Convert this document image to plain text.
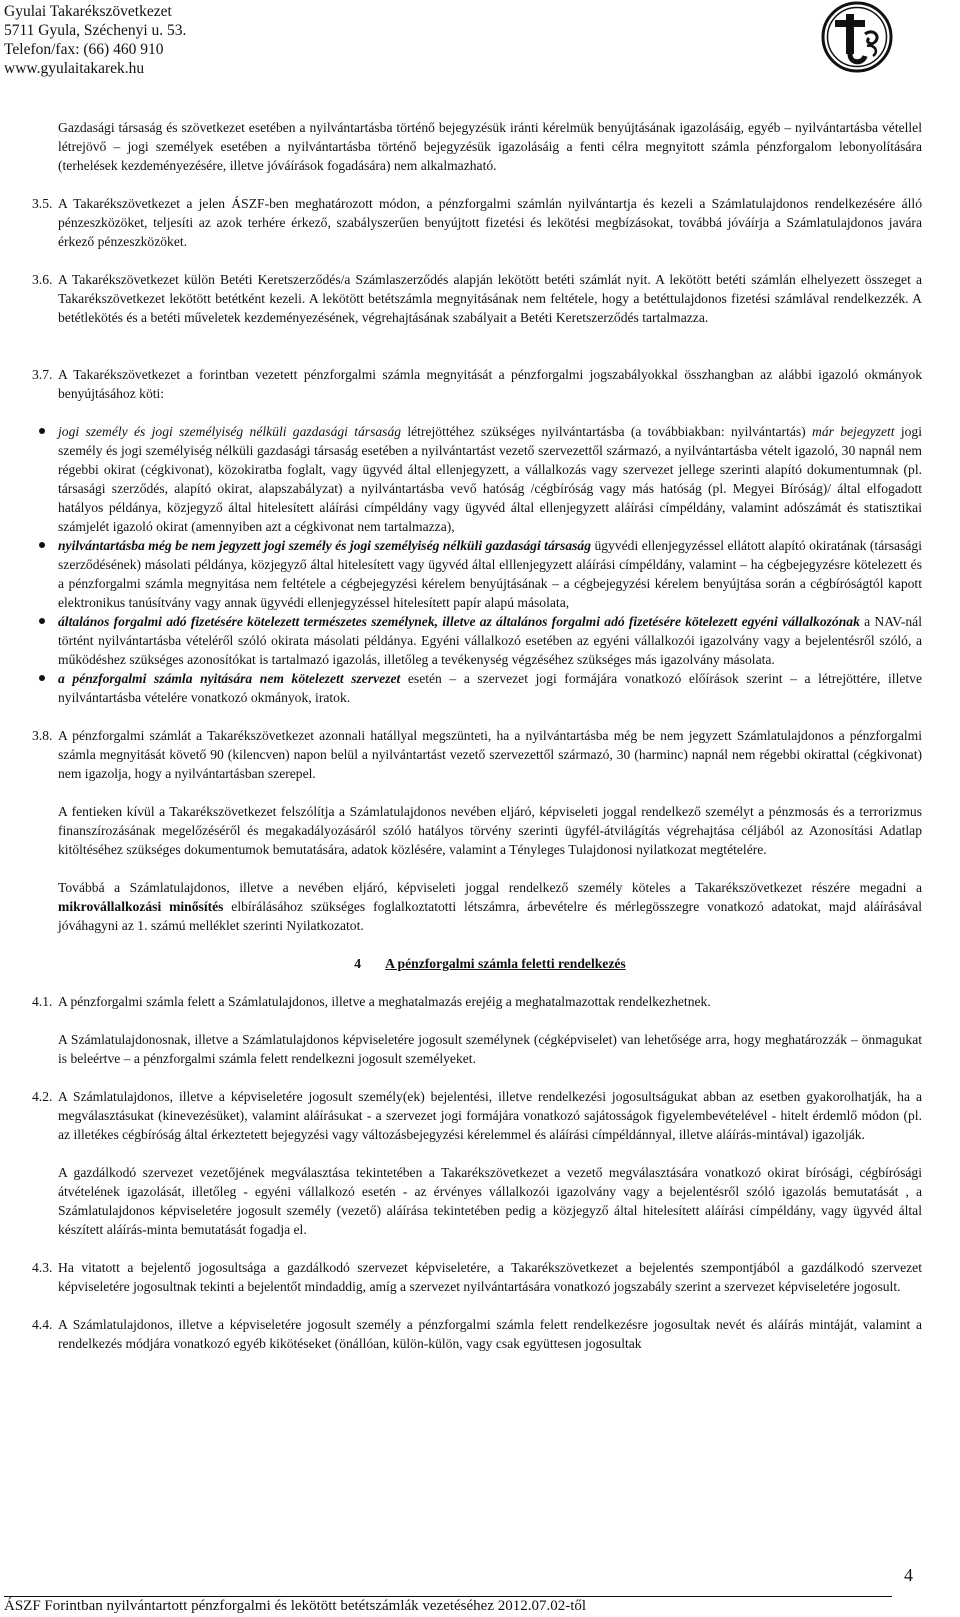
Gyulai Takarékszövetkezet
5711 Gyula, Széchenyi u. 53.
Telefon/fax: (66) 460 910
www.gyulaitakarek.hu

Gazdasági társaság és szövetkezet esetében a nyilvántartásba történő bejegyzésük iránti kérelmük benyújtásának igazolásáig, egyéb – nyilvántartásba vétellel létrejövő – jogi személyek esetében a nyilvántartásba történő bejegyzésük igazolásáig a fenti célra megnyitott számla pénzforgalom lebonyolítására (terhelések kezdeményezésére, illetve jóváírások fogadására) nem alkalmazható.

3.5. A Takarékszövetkezet a jelen ÁSZF-ben meghatározott módon, a pénzforgalmi számlán nyilvántartja és kezeli a Számlatulajdonos rendelkezésére álló pénzeszközöket, teljesíti az azok terhére érkező, szabályszerűen benyújtott fizetési és lekötési megbízásokat, továbbá jóváírja a Számlatulajdonos javára érkező pénzeszközöket.

3.6. A Takarékszövetkezet külön Betéti Keretszerződés/a Számlaszerződés alapján lekötött betéti számlát nyit. A lekötött betéti számlán elhelyezett összeget a Takarékszövetkezet lekötött betétként kezeli. A lekötött betétszámla megnyitásának nem feltétele, hogy a betéttulajdonos fizetési számlával rendelkezzék. A betétlekötés és a betéti műveletek kezdeményezésének, végrehajtásának szabályait a Betéti Keretszerződés tartalmazza.

3.7. A Takarékszövetkezet a forintban vezetett pénzforgalmi számla megnyitását a pénzforgalmi jogszabályokkal összhangban az alábbi igazoló okmányok benyújtásához köti:

jogi személy és jogi személyiség nélküli gazdasági társaság létrejöttéhez szükséges nyilvántartásba (a továbbiakban: nyilvántartás) már bejegyzett jogi személy és jogi személyiség nélküli gazdasági társaság esetében a nyilvántartást vezető szervezettől származó, a nyilvántartásba vételt igazoló, 30 napnál nem régebbi okirat (cégkivonat), közokiratba foglalt, vagy ügyvéd által ellenjegyzett, a vállalkozás vagy szervezet jellege szerinti alapító dokumentumnak (pl. társasági szerződés, alapító okirat, alapszabályzat) a nyilvántartásba vevő hatóság /cégbíróság vagy más hatóság (pl. Megyei Bíróság)/ által elfogadott hatályos példánya, közjegyző által hitelesített aláírási címpéldány vagy ügyvéd által ellenjegyzett aláírási címpéldány, valamint adószámát és statisztikai számjelét igazoló okirat (amennyiben azt a cégkivonat nem tartalmazza),
nyilvántartásba még be nem jegyzett jogi személy és jogi személyiség nélküli gazdasági társaság ügyvédi ellenjegyzéssel ellátott alapító okiratának (társasági szerződésének) másolati példánya, közjegyző által hitelesített vagy ügyvéd által elllenjegyzett aláírási címpéldány, valamint – ha cégbejegyzésre kötelezett és a pénzforgalmi számla megnyitása nem feltétele a cégbejegyzési kérelem benyújtásának – a cégbejegyzési kérelem benyújtása során a cégbíróságtól kapott elektronikus tanúsítvány vagy annak ügyvédi ellenjegyzéssel hitelesített papír alapú másolata,
általános forgalmi adó fizetésére kötelezett természetes személynek, illetve az általános forgalmi adó fizetésére kötelezett egyéni vállalkozónak a NAV-nál történt nyilvántartásba vételéről szóló okirata másolati példánya. Egyéni vállalkozó esetében az egyéni vállalkozói igazolvány vagy a bejelentésről szóló, a működéshez szükséges azonosítókat is tartalmazó igazolás, illetőleg a tevékenység végzéséhez szükséges más igazolvány másolata.
a pénzforgalmi számla nyitására nem kötelezett szervezet esetén – a szervezet jogi formájára vonatkozó előírások szerint – a létrejöttére, illetve nyilvántartásba vételére vonatkozó okmányok, iratok.

3.8. A pénzforgalmi számlát a Takarékszövetkezet azonnali hatállyal megszünteti, ha a nyilvántartásba még be nem jegyzett Számlatulajdonos a pénzforgalmi számla megnyitását követő 90 (kilencven) napon belül a nyilvántartást vezető szervezettől származó, 30 (harminc) napnál nem régebbi okirattal (cégkivonat) nem igazolja, hogy a nyilvántartásban szerepel.

A fentieken kívül a Takarékszövetkezet felszólítja a Számlatulajdonos nevében eljáró, képviseleti joggal rendelkező személyt a pénzmosás és a terrorizmus finanszírozásának megelőzéséről és megakadályozásáról szóló hatályos törvény szerinti ügyfél-átvilágítás végrehajtása céljából az Azonosítási Adatlap kitöltéséhez szükséges dokumentumok bemutatására, adatok közlésére, valamint a Tényleges Tulajdonosi nyilatkozat megtételére.

Továbbá a Számlatulajdonos, illetve a nevében eljáró, képviseleti joggal rendelkező személy köteles a Takarékszövetkezet részére megadni a mikrovállalkozási minősítés elbírálásához szükséges foglalkoztatotti létszámra, árbevételre és mérlegösszegre vonatkozó adatokat, majd aláírásával jóváhagyni az 1. számú melléklet szerinti Nyilatkozatot.

4 A pénzforgalmi számla feletti rendelkezés

4.1. A pénzforgalmi számla felett a Számlatulajdonos, illetve a meghatalmazás erejéig a meghatalmazottak rendelkezhetnek.

A Számlatulajdonosnak, illetve a Számlatulajdonos képviseletére jogosult személynek (cégképviselet) van lehetősége arra, hogy meghatározzák – önmagukat is beleértve – a pénzforgalmi számla felett rendelkezni jogosult személyeket.

4.2. A Számlatulajdonos, illetve a képviseletére jogosult személy(ek) bejelentési, illetve rendelkezési jogosultságukat abban az esetben gyakorolhatják, ha a megválasztásukat (kinevezésüket), valamint aláírásukat - a szervezet jogi formájára vonatkozó sajátosságok figyelembevételével - hitelt érdemlő módon (pl. az illetékes cégbíróság által érkeztetett bejegyzési vagy változásbejegyzési kérelemmel és aláírási címpéldánnyal, illetve aláírás-mintával) igazolják.

A gazdálkodó szervezet vezetőjének megválasztása tekintetében a Takarékszövetkezet a vezető megválasztására vonatkozó okirat bírósági, cégbírósági átvételének igazolását, illetőleg - egyéni vállalkozó esetén - az érvényes vállalkozói igazolvány vagy a bejelentésről szóló igazolás bemutatását , a Számlatulajdonos képviseletére jogosult személy (vezető) aláírása tekintetében pedig a közjegyző által hitelesített aláírási címpéldány, vagy ügyvéd által készített aláírás-minta bemutatását fogadja el.

4.3. Ha vitatott a bejelentő jogosultsága a gazdálkodó szervezet képviseletére, a Takarékszövetkezet a bejelentés szempontjából a gazdálkodó szervezet képviseletére jogosultnak tekinti a bejelentőt mindaddig, amíg a szervezet nyilvántartására vonatkozó jogszabály szerint a szervezet képviseletére jogosult.

4.4. A Számlatulajdonos, illetve a képviseletére jogosult személy a pénzforgalmi számla felett rendelkezésre jogosultak nevét és aláírás mintáját, valamint a rendelkezés módjára vonatkozó egyéb kikötéseket (önállóan, külön-külön, vagy csak együttesen jogosultak

4
ÁSZF Forintban nyilvántartott pénzforgalmi és lekötött betétszámlák vezetéséhez 2012.07.02-től
